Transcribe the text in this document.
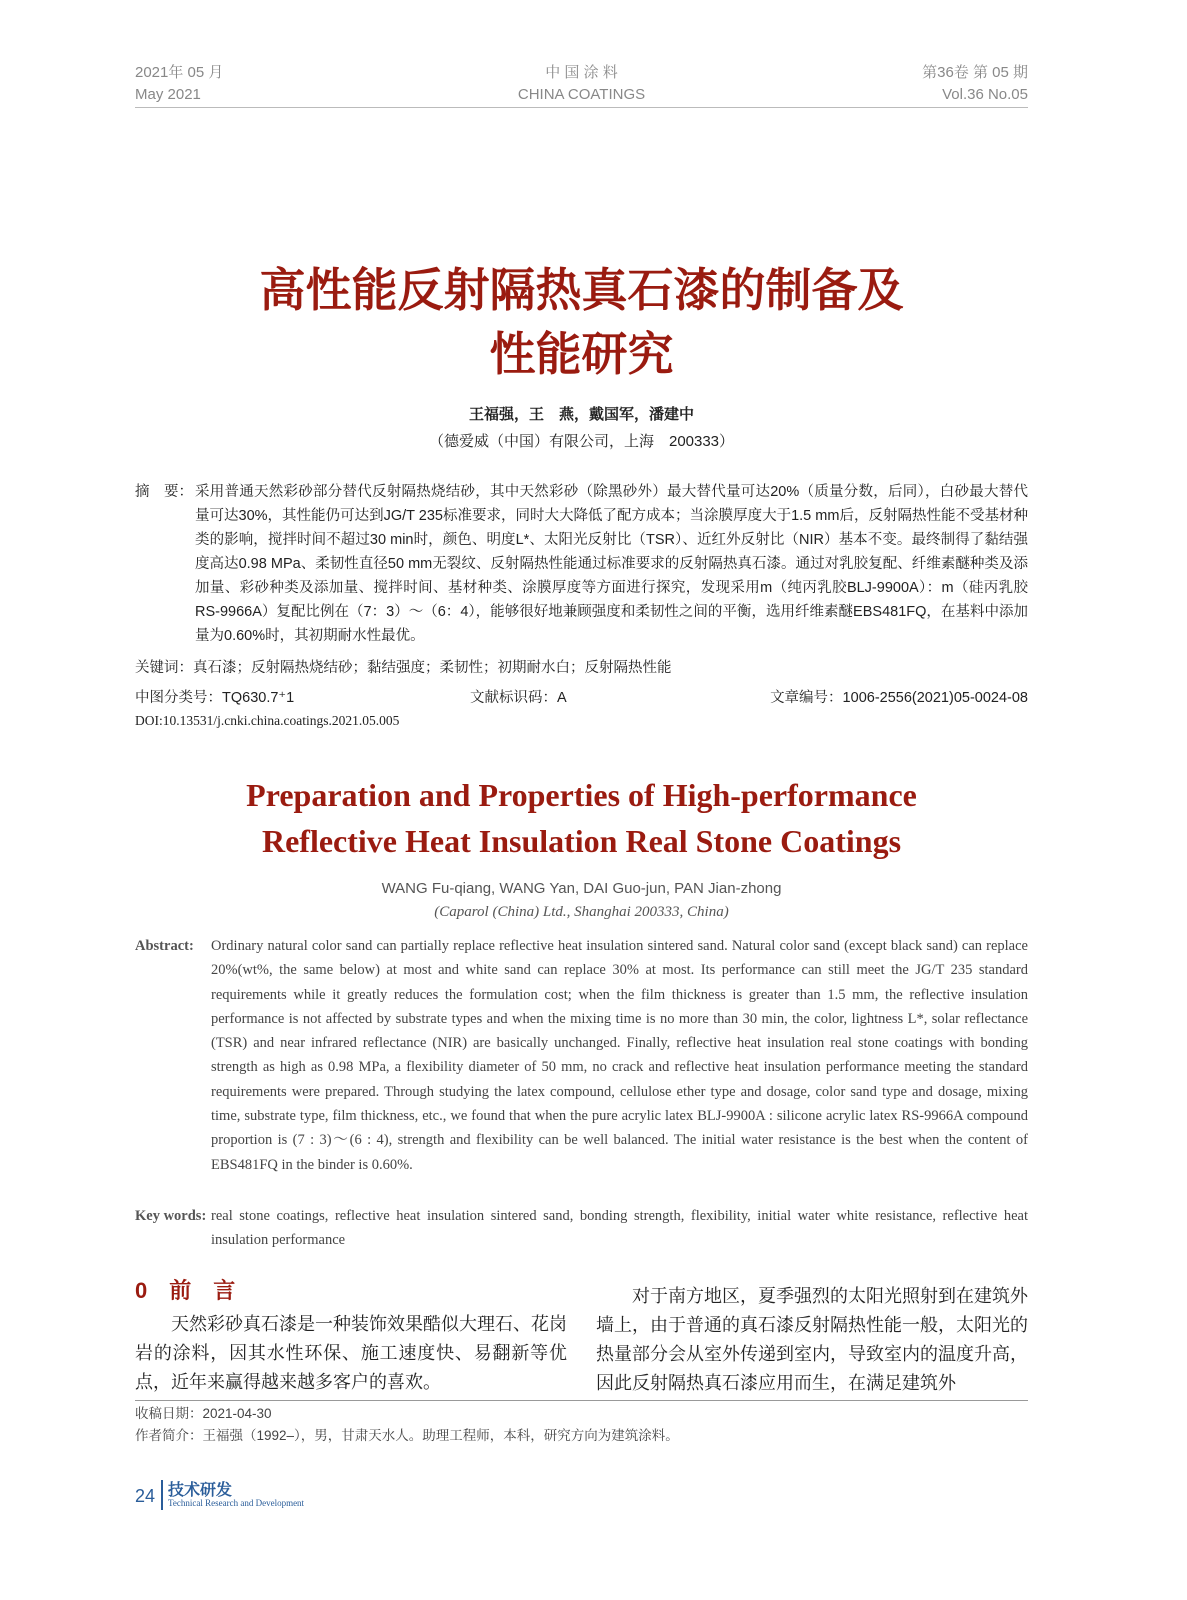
2021年 05 月
May 2021
中 国 涂 料
CHINA COATINGS
第36卷 第 05 期
Vol.36 No.05
高性能反射隔热真石漆的制备及
性能研究
王福强，王　燕，戴国军，潘建中
（德爱威（中国）有限公司，上海　200333）
摘　要： 采用普通天然彩砂部分替代反射隔热烧结砂，其中天然彩砂（除黑砂外）最大替代量可达20%（质量分数，后同），白砂最大替代量可达30%，其性能仍可达到JG/T 235标准要求，同时大大降低了配方成本；当涂膜厚度大于1.5 mm后，反射隔热性能不受基材种类的影响，搅拌时间不超过30 min时，颜色、明度L*、太阳光反射比（TSR）、近红外反射比（NIR）基本不变。最终制得了黏结强度高达0.98 MPa、柔韧性直径50 mm无裂纹、反射隔热性能通过标准要求的反射隔热真石漆。通过对乳胶复配、纤维素醚种类及添加量、彩砂种类及添加量、搅拌时间、基材种类、涂膜厚度等方面进行探究，发现采用m（纯丙乳胶BLJ-9900A）：m（硅丙乳胶RS-9966A）复配比例在（7：3）～（6：4），能够很好地兼顾强度和柔韧性之间的平衡，选用纤维素醚EBS481FQ，在基料中添加量为0.60%时，其初期耐水性最优。
关键词：真石漆；反射隔热烧结砂；黏结强度；柔韧性；初期耐水白；反射隔热性能
中图分类号：TQ630.7⁺1	文献标识码：A	文章编号：1006-2556(2021)05-0024-08
DOI:10.13531/j.cnki.china.coatings.2021.05.005
Preparation and Properties of High-performance
Reflective Heat Insulation Real Stone Coatings
WANG Fu-qiang, WANG Yan, DAI Guo-jun, PAN Jian-zhong
(Caparol (China) Ltd., Shanghai 200333, China)
Abstract:	Ordinary natural color sand can partially replace reflective heat insulation sintered sand. Natural color sand (except black sand) can replace 20%(wt%, the same below) at most and white sand can replace 30% at most. Its performance can still meet the JG/T 235 standard requirements while it greatly reduces the formulation cost; when the film thickness is greater than 1.5 mm, the reflective insulation performance is not affected by substrate types and when the mixing time is no more than 30 min, the color, lightness L*, solar reflectance (TSR) and near infrared reflectance (NIR) are basically unchanged. Finally, reflective heat insulation real stone coatings with bonding strength as high as 0.98 MPa, a flexibility diameter of 50 mm, no crack and reflective heat insulation performance meeting the standard requirements were prepared. Through studying the latex compound, cellulose ether type and dosage, color sand type and dosage, mixing time, substrate type, film thickness, etc., we found that when the pure acrylic latex BLJ-9900A : silicone acrylic latex RS-9966A compound proportion is (7 : 3)～(6 : 4), strength and flexibility can be well balanced. The initial water resistance is the best when the content of EBS481FQ in the binder is 0.60%.
Key words: real stone coatings, reflective heat insulation sintered sand, bonding strength, flexibility, initial water white resistance, reflective heat insulation performance
0　前　言
　　天然彩砂真石漆是一种装饰效果酷似大理石、花岗岩的涂料，因其水性环保、施工速度快、易翻新等优点，近年来赢得越来越多客户的喜欢。
　　对于南方地区，夏季强烈的太阳光照射到在建筑外墙上，由于普通的真石漆反射隔热性能一般，太阳光的热量部分会从室外传递到室内，导致室内的温度升高，因此反射隔热真石漆应用而生，在满足建筑外
收稿日期：2021-04-30
作者简介：王福强（1992–），男，甘肃天水人。助理工程师，本科，研究方向为建筑涂料。
24 技术研发
Technical Research and Development
